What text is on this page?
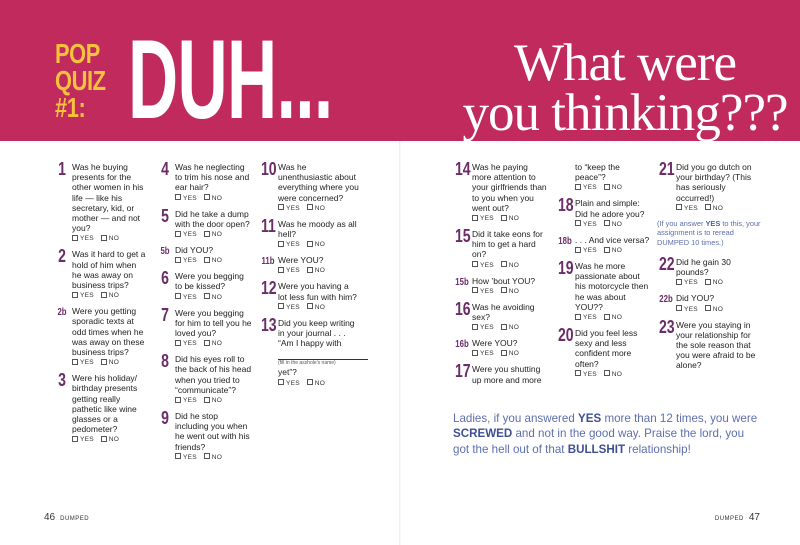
POP
QUIZ
#1: DUH...	What were
you thinking???
1 Was he buying presents for the other women in his life — like his secretary, kid, or mother — and not you?
YES NO
2 Was it hard to get a hold of him when he was away on business trips?
YES NO
2b Were you getting sporadic texts at odd times when he was away on these business trips?
YES NO
3 Were his holiday/ birthday presents getting really pathetic like wine glasses or a pedometer?
YES NO
4 Was he neglecting to trim his nose and ear hair?
YES NO
5 Did he take a dump with the door open?
YES NO
5b Did YOU?
YES NO
6 Were you begging to be kissed?
YES NO
7 Were you begging for him to tell you he loved you?
YES NO
8 Did his eyes roll to the back of his head when you tried to “communicate”?
YES NO
9 Did he stop including you when he went out with his friends?
YES NO
10 Was he unenthusiastic about everything where you were concerned?
YES NO
11 Was he moody as all hell?
YES NO
11b Were YOU?
YES NO
12 Were you having a lot less fun with him?
YES NO
13 Did you keep writing in your journal . . . “Am I happy with
(fill in the asshole’s name)
yet”?
YES NO
14 Was he paying more attention to your girlfriends than to you when you went out?
YES NO
15 Did it take eons for him to get a hard on?
YES NO
15b How ’bout YOU?
YES NO
16 Was he avoiding sex?
YES NO
16b Were YOU?
YES NO
17 Were you shutting up more and more
to “keep the peace”?
YES NO
18 Plain and simple: Did he adore you?
YES NO
18b . . . And vice versa?
YES NO
19 Was he more passionate about his motorcycle then he was about YOU??
YES NO
20 Did you feel less sexy and less confident more often?
YES NO
21 Did you go dutch on your birthday? (This has seriously occurred!)
YES NO
(If you answer YES to this, your assignment is to reread DUMPED 10 times.)
22 Did he gain 30 pounds?
YES NO
22b Did YOU?
YES NO
23 Were you staying in your relationship for the sole reason that you were afraid to be alone?
Ladies, if you answered YES more than 12 times, you were SCREWED and not in the good way. Praise the lord, you got the hell out of that BULLSHIT relationship!
46 DUMPED	DUMPED 47
